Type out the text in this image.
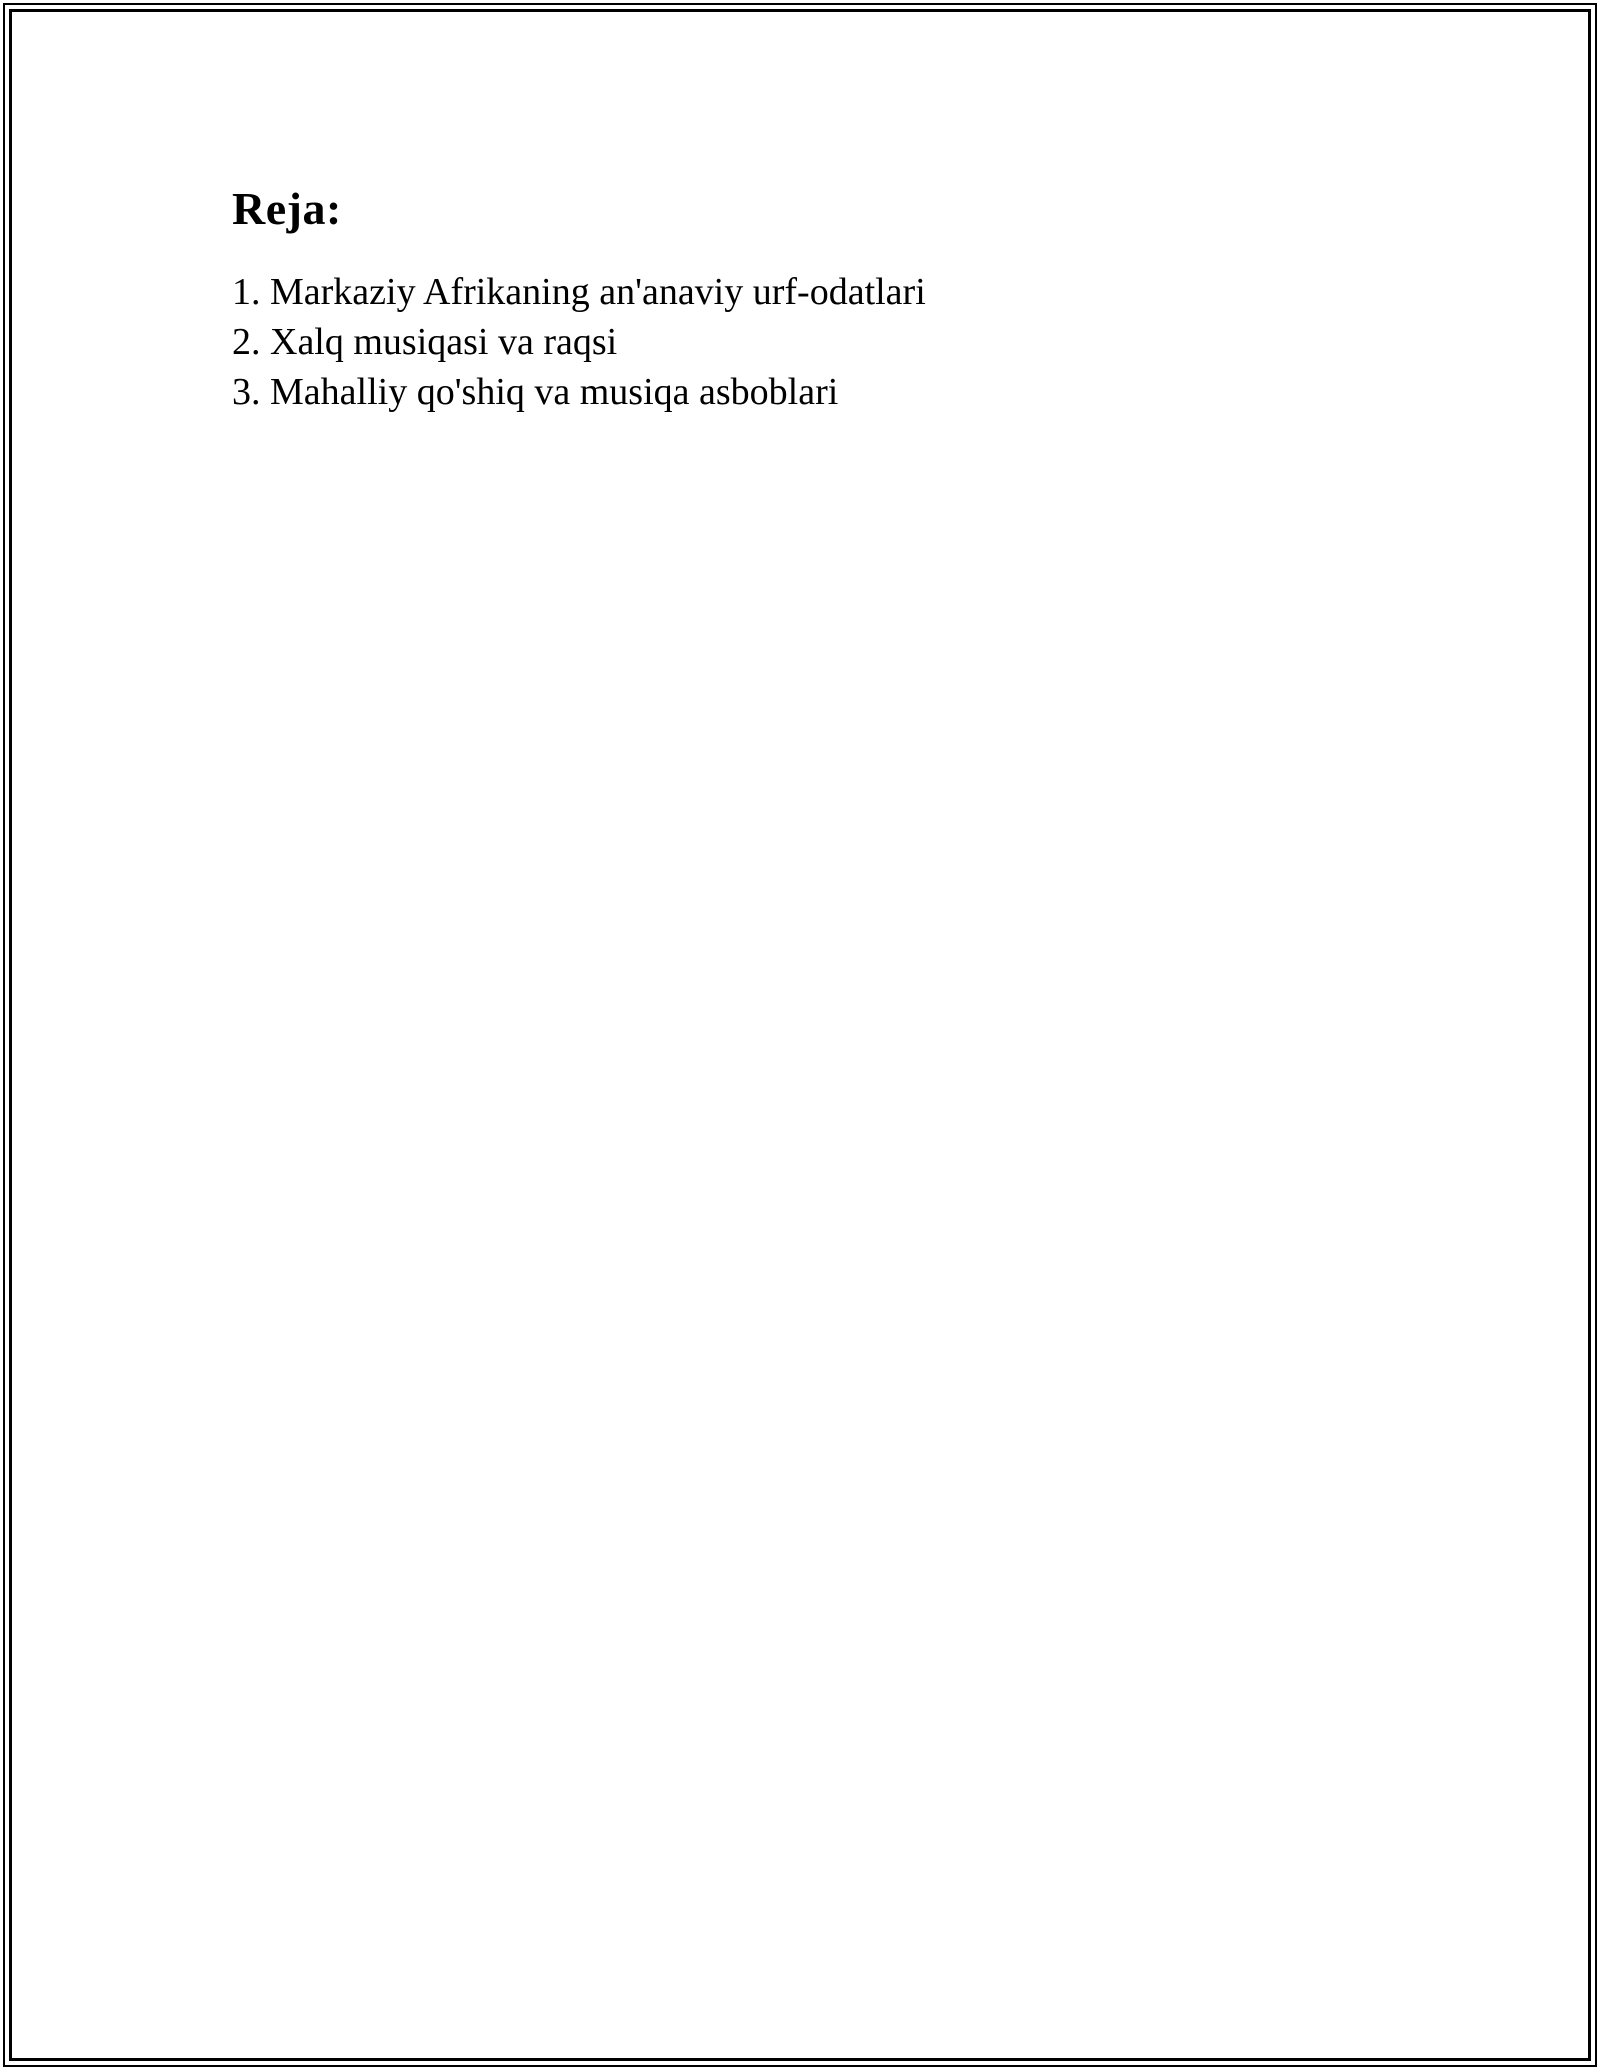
Reja:
1. Markaziy Afrikaning an'anaviy urf-odatlari
2. Xalq musiqasi va raqsi
3. Mahalliy qo'shiq va musiqa asboblari
